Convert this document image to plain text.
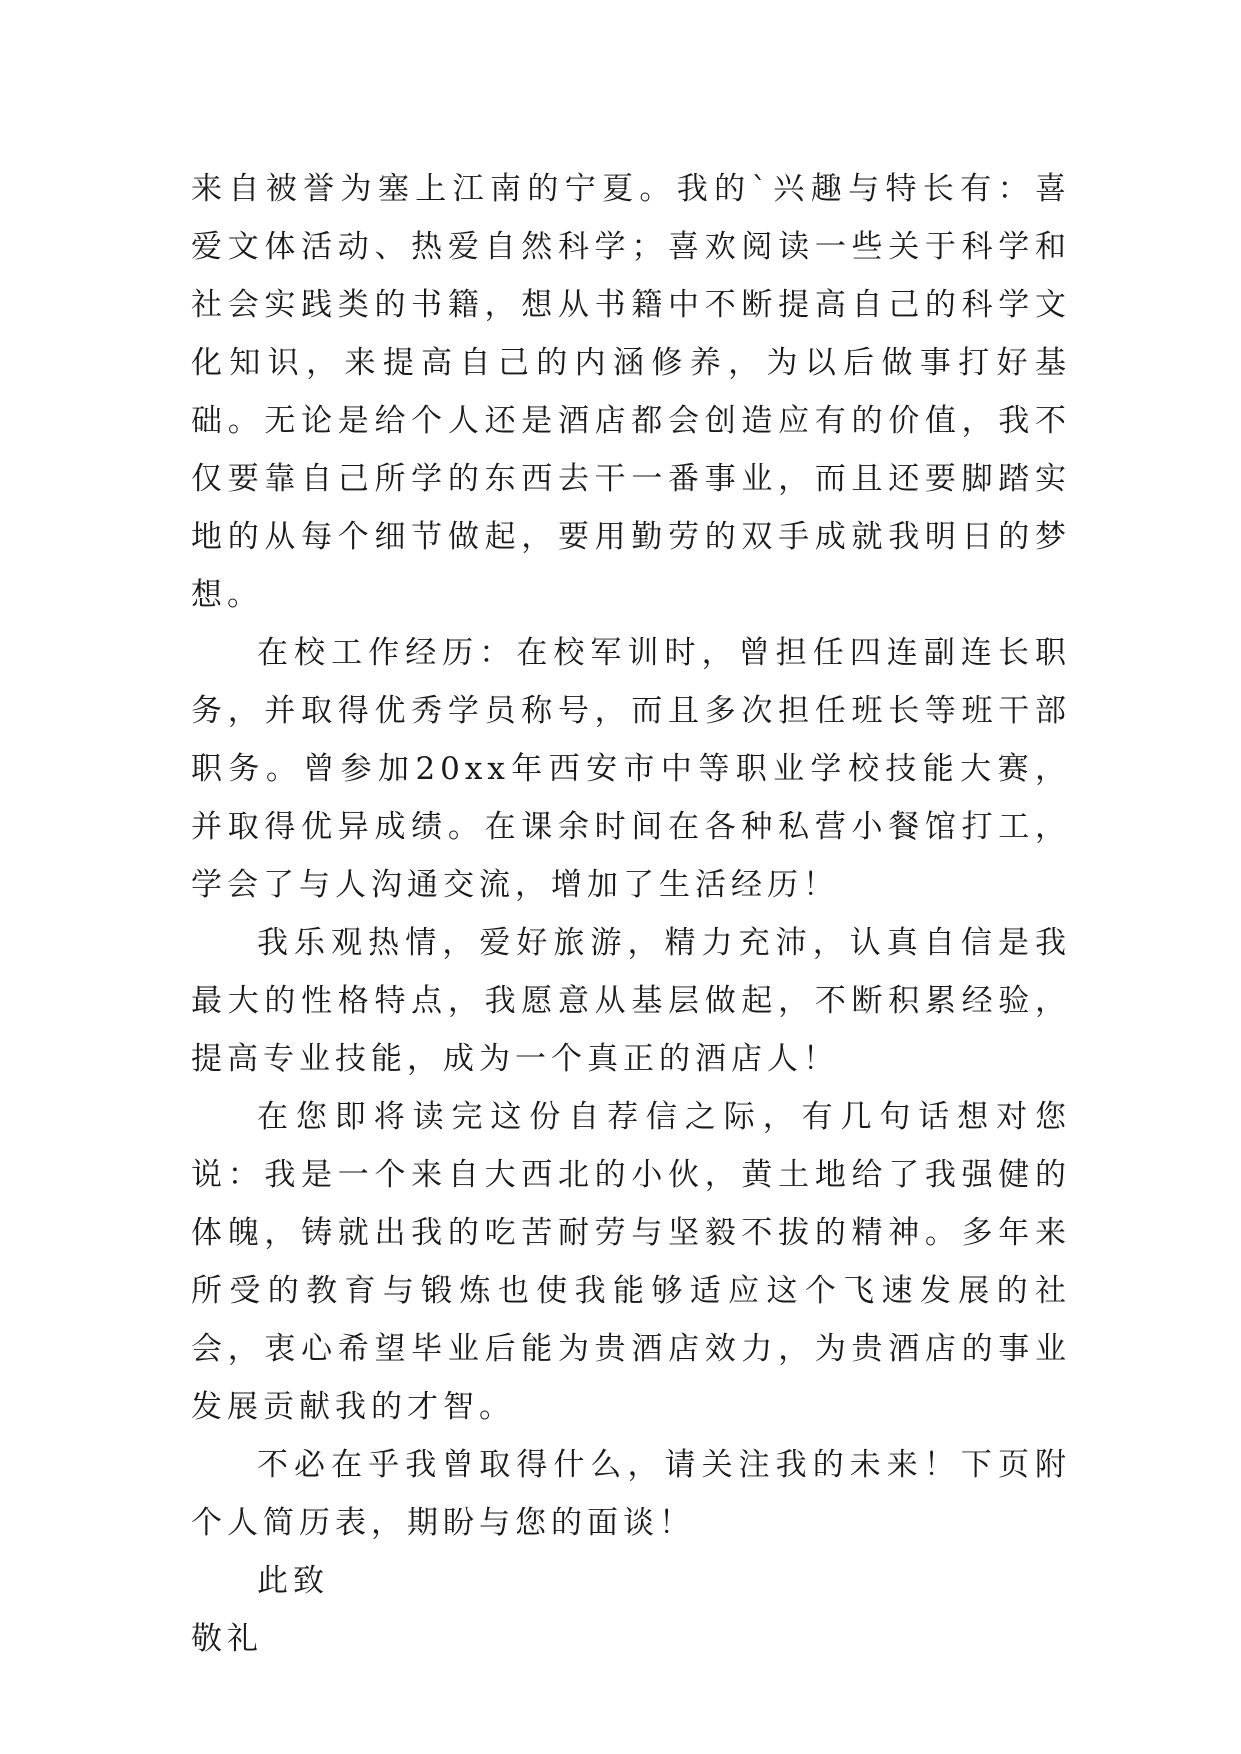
来自被誉为塞上江南的宁夏。我的`兴趣与特长有：喜爱文体活动、热爱自然科学；喜欢阅读一些关于科学和社会实践类的书籍，想从书籍中不断提高自己的科学文化知识，来提高自己的内涵修养，为以后做事打好基础。无论是给个人还是酒店都会创造应有的价值，我不仅要靠自己所学的东西去干一番事业，而且还要脚踏实地的从每个细节做起，要用勤劳的双手成就我明日的梦想。

在校工作经历：在校军训时，曾担任四连副连长职务，并取得优秀学员称号，而且多次担任班长等班干部职务。曾参加20xx年西安市中等职业学校技能大赛，并取得优异成绩。在课余时间在各种私营小餐馆打工，学会了与人沟通交流，增加了生活经历！

我乐观热情，爱好旅游，精力充沛，认真自信是我最大的性格特点，我愿意从基层做起，不断积累经验，提高专业技能，成为一个真正的酒店人！

在您即将读完这份自荐信之际，有几句话想对您说：我是一个来自大西北的小伙，黄土地给了我强健的体魄，铸就出我的吃苦耐劳与坚毅不拔的精神。多年来所受的教育与锻炼也使我能够适应这个飞速发展的社会，衷心希望毕业后能为贵酒店效力，为贵酒店的事业发展贡献我的才智。

不必在乎我曾取得什么，请关注我的未来！下页附个人简历表，期盼与您的面谈！

此致

敬礼
